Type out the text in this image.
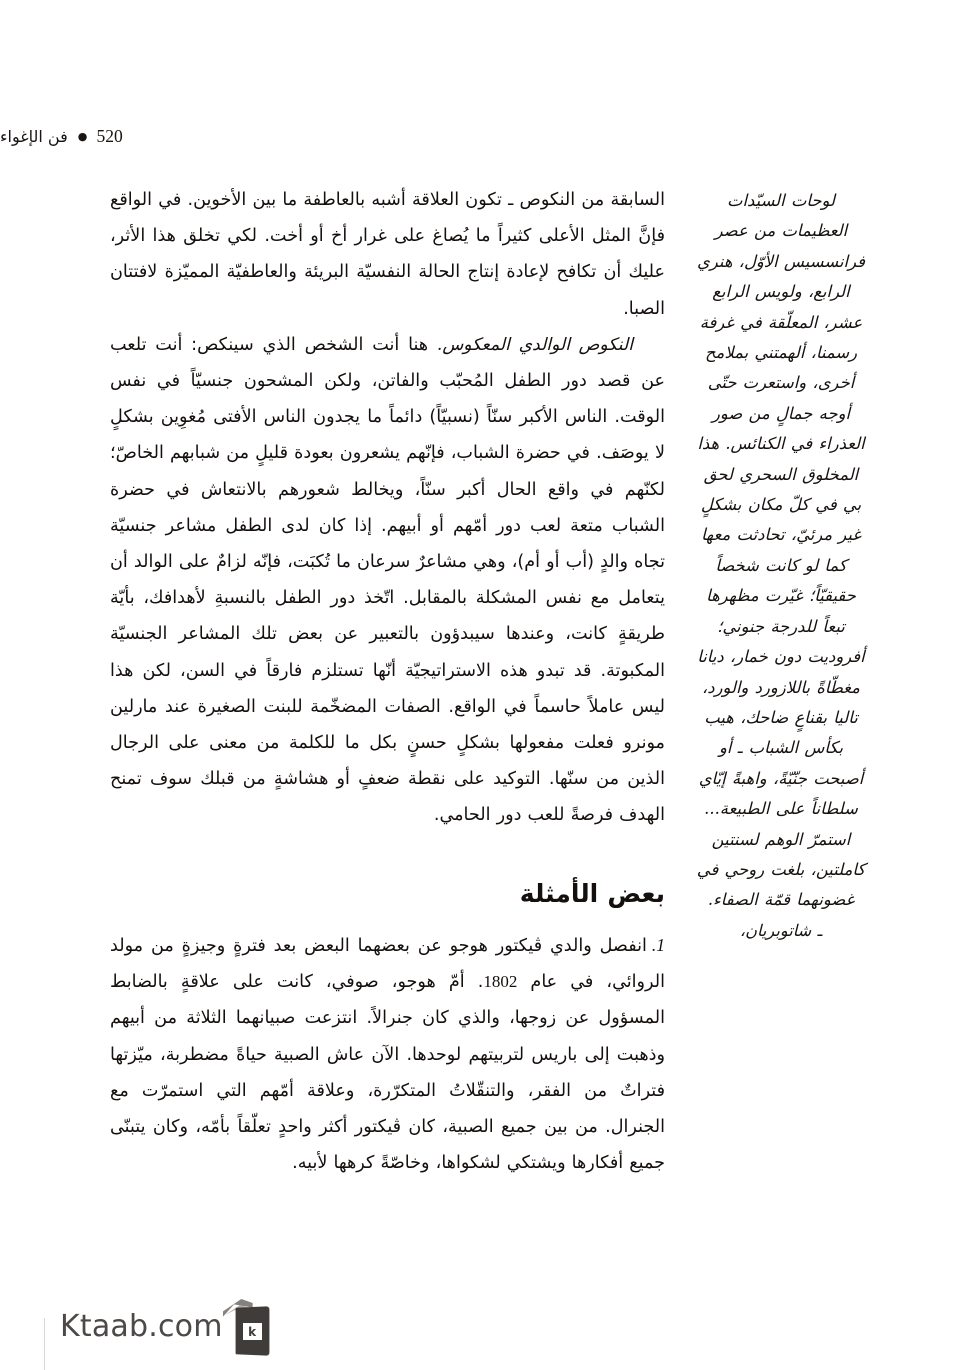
520●فن الإغواء

السابقة من النكوص ـ تكون العلاقة أشبه بالعاطفة ما بين الأخوين. في الواقع فإنَّ المثل الأعلى كثيراً ما يُصاغ على غرار أخ أو أخت. لكي تخلق هذا الأثر، عليك أن تكافح لإعادة إنتاج الحالة النفسيّة البريئة والعاطفيّة المميّزة لافتتان الصبا.

النكوص الوالدي المعكوس. هنا أنت الشخص الذي سينكص: أنت تلعب عن قصد دور الطفل المُحبّب والفاتن، ولكن المشحون جنسيّاً في نفس الوقت. الناس الأكبر سنّاً (نسبيّاً) دائماً ما يجدون الناس الأفتى مُغوِين بشكلٍ لا يوصَف. في حضرة الشباب، فإنّهم يشعرون بعودة قليلٍ من شبابهم الخاصّ؛ لكنّهم في واقع الحال أكبر سنّاً، ويخالط شعورهم بالانتعاش في حضرة الشباب متعة لعب دور أمّهم أو أبيهم. إذا كان لدى الطفل مشاعر جنسيّة تجاه والدٍ (أب أو أم)، وهي مشاعرٌ سرعان ما تُكبَت، فإنّه لزامٌ على الوالد أن يتعامل مع نفس المشكلة بالمقابل. اتّخذ دور الطفل بالنسبةِ لأهدافك، بأيّة طريقةٍ كانت، وعندها سيبدؤون بالتعبير عن بعض تلك المشاعر الجنسيّة المكبوتة. قد تبدو هذه الاستراتيجيّة أنّها تستلزم فارقاً في السن، لكن هذا ليس عاملاً حاسماً في الواقع. الصفات المضخّمة للبنت الصغيرة عند مارلين مونرو فعلت مفعولها بشكلٍ حسنٍ بكل ما للكلمة من معنى على الرجال الذين من سنّها. التوكيد على نقطة ضعفٍ أو هشاشةٍ من قبلك سوف تمنح الهدف فرصةً للعب دور الحامي.

بعض الأمثلة

1.انفصل والدي ڤيكتور هوجو عن بعضهما البعض بعد فترةٍ وجيزةٍ من مولد الروائي، في عام 1802. أمّ هوجو، صوفي، كانت على علاقةٍ بالضابط المسؤول عن زوجها، والذي كان جنرالاً. انتزعت صبيانهما الثلاثة من أبيهم وذهبت إلى باريس لتربيتهم لوحدها. الآن عاش الصبية حياةً مضطربة، ميّزتها فتراتٌ من الفقر، والتنقّلاتُ المتكرّرة، وعلاقة أمّهم التي استمرّت مع الجنرال. من بين جميع الصبية، كان ڤيكتور أكثر واحدٍ تعلّقاً بأمّه، وكان يتبنّى جميع أفكارها ويشتكي لشكواها، وخاصّةً كرهها لأبيه.

لوحات السيّدات العظيمات من عصر فرانسسيس الأوّل، هنري الرابع، ولويس الرابع عشر، المعلّقة في غرفة رسمنا، ألهمتني بملامح أخرى، واستعرت حتّى أوجه جمالٍ من صور العذراء في الكنائس. هذا المخلوق السحري لحق بي في كلّ مكان بشكلٍ غير مرئيّ، تحادثت معها كما لو كانت شخصاً حقيقيّاً؛ غيّرت مظهرها تبعاً للدرجة جنوني؛ أفروديت دون خمار، ديانا مغطّاةً باللازورد والورد، تاليا بقناعٍ ضاحك، هيب بكأس الشباب ـ أو أصبحت جنّيّةً، واهبةً إيّاي سلطاناً على الطبيعة... استمرّ الوهم لسنتين كاملتين، بلغت روحي في غضونهما قمّة الصفاء.

ـ شاتوبريان،

k
Ktaab.com
